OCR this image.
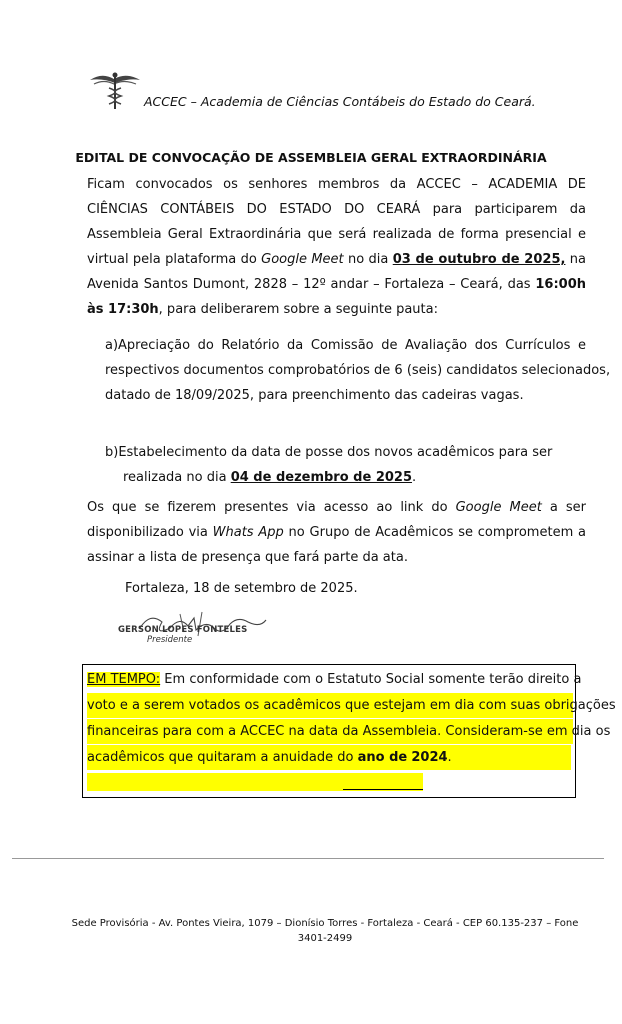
ACCEC – Academia de Ciências Contábeis do Estado do Ceará.
EDITAL DE CONVOCAÇÃO DE ASSEMBLEIA GERAL EXTRAORDINÁRIA
Ficam convocados os senhores membros da ACCEC – ACADEMIA DE
CIÊNCIAS CONTÁBEIS DO ESTADO DO CEARÁ para participarem da
Assembleia Geral Extraordinária que será realizada de forma presencial e
virtual pela plataforma do Google Meet no dia 03 de outubro de 2025, na
Avenida Santos Dumont, 2828 – 12º andar – Fortaleza – Ceará, das 16:00h
às 17:30h, para deliberarem sobre a seguinte pauta:
a)Apreciação do Relatório da Comissão de Avaliação dos Currículos e
respectivos documentos comprobatórios de 6 (seis) candidatos selecionados,
datado de 18/09/2025, para preenchimento das cadeiras vagas.
b)Estabelecimento da data de posse dos novos acadêmicos para ser
realizada no dia 04 de dezembro de 2025.
Os que se fizerem presentes via acesso ao link do Google Meet a ser
disponibilizado via Whats App no Grupo de Acadêmicos se comprometem a
assinar a lista de presença que fará parte da ata.
Fortaleza, 18 de setembro de 2025.
GERSON LOPES FONTELES
Presidente
EM TEMPO: Em conformidade com o Estatuto Social somente terão direito a
voto e a serem votados os acadêmicos que estejam em dia com suas obrigações
financeiras para com a ACCEC na data da Assembleia. Consideram-se em dia os
acadêmicos que quitaram a anuidade do ano de 2024.
Sede Provisória - Av. Pontes Vieira, 1079 – Dionísio Torres - Fortaleza - Ceará - CEP 60.135-237 – Fone
3401-2499
